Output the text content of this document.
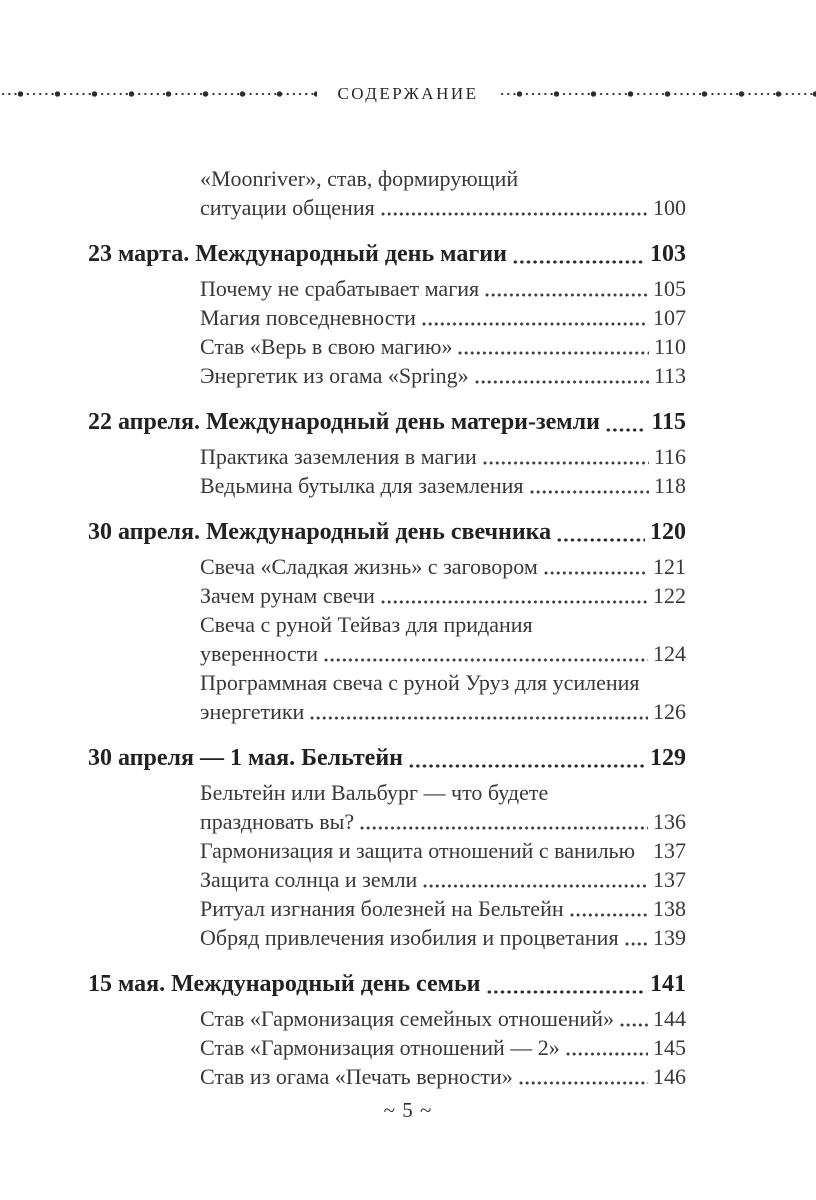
СОДЕРЖАНИЕ
«Moonriver», став, формирующий
ситуации общения	100
23 марта. Международный день магии	103
Почему не срабатывает магия	105
Магия повседневности	107
Став «Верь в свою магию»	110
Энергетик из огама «Spring»	113
22 апреля. Международный день матери-земли 115
Практика заземления в магии	116
Ведьмина бутылка для заземления	118
30 апреля. Международный день свечника	120
Свеча «Сладкая жизнь» с заговором	121
Зачем рунам свечи	122
Свеча с руной Тейваз для придания
уверенности	124
Программная свеча с руной Уруз для усиления
энергетики	126
30 апреля — 1 мая. Бельтейн	129
Бельтейн или Вальбург — что будете
праздновать вы?	136
Гармонизация и защита отношений с ванилью 137
Защита солнца и земли	137
Ритуал изгнания болезней на Бельтейн	138
Обряд привлечения изобилия и процветания 139
15 мая. Международный день семьи	141
Став «Гармонизация семейных отношений» 144
Став «Гармонизация отношений — 2»	145
Став из огама «Печать верности»	146
~ 5 ~
